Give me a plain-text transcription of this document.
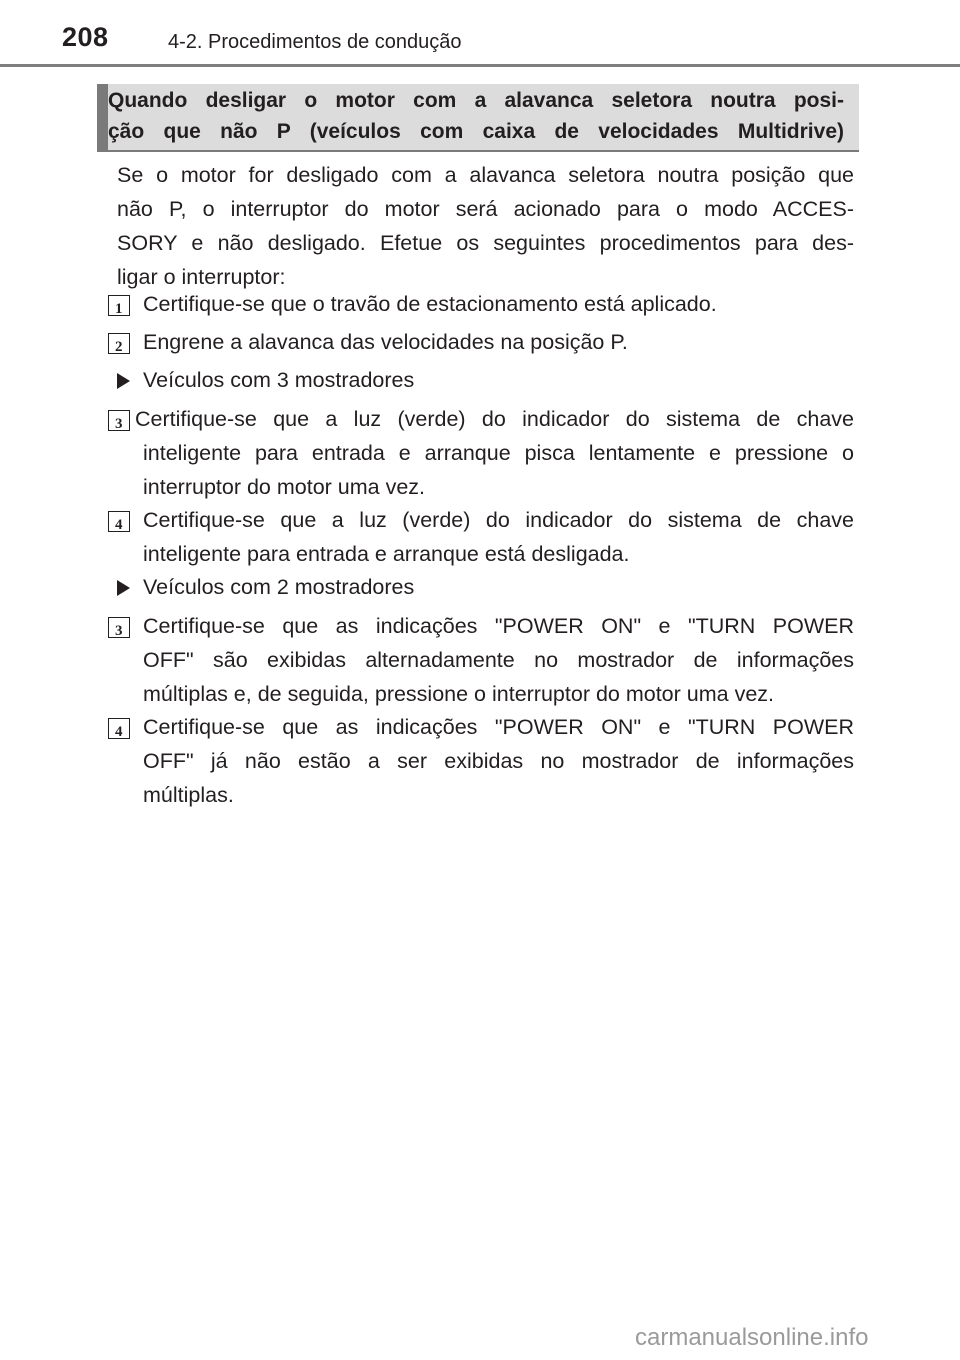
208	4-2. Procedimentos de condução
Quando desligar o motor com a alavanca seletora noutra posi-
ção que não P (veículos com caixa de velocidades Multidrive)
Se o motor for desligado com a alavanca seletora noutra posição que
não P, o interruptor do motor será acionado para o modo ACCES-
SORY e não desligado. Efetue os seguintes procedimentos para des-
ligar o interruptor:
1 Certifique-se que o travão de estacionamento está aplicado.
2 Engrene a alavanca das velocidades na posição P.
Veículos com 3 mostradores
3 Certifique-se que a luz (verde) do indicador do sistema de chave
inteligente para entrada e arranque pisca lentamente e pressione o
interruptor do motor uma vez.
4 Certifique-se que a luz (verde) do indicador do sistema de chave
inteligente para entrada e arranque está desligada.
Veículos com 2 mostradores
3 Certifique-se que as indicações "POWER ON" e "TURN POWER
OFF" são exibidas alternadamente no mostrador de informações
múltiplas e, de seguida, pressione o interruptor do motor uma vez.
4 Certifique-se que as indicações "POWER ON" e "TURN POWER
OFF" já não estão a ser exibidas no mostrador de informações
múltiplas.
carmanualsonline.info
